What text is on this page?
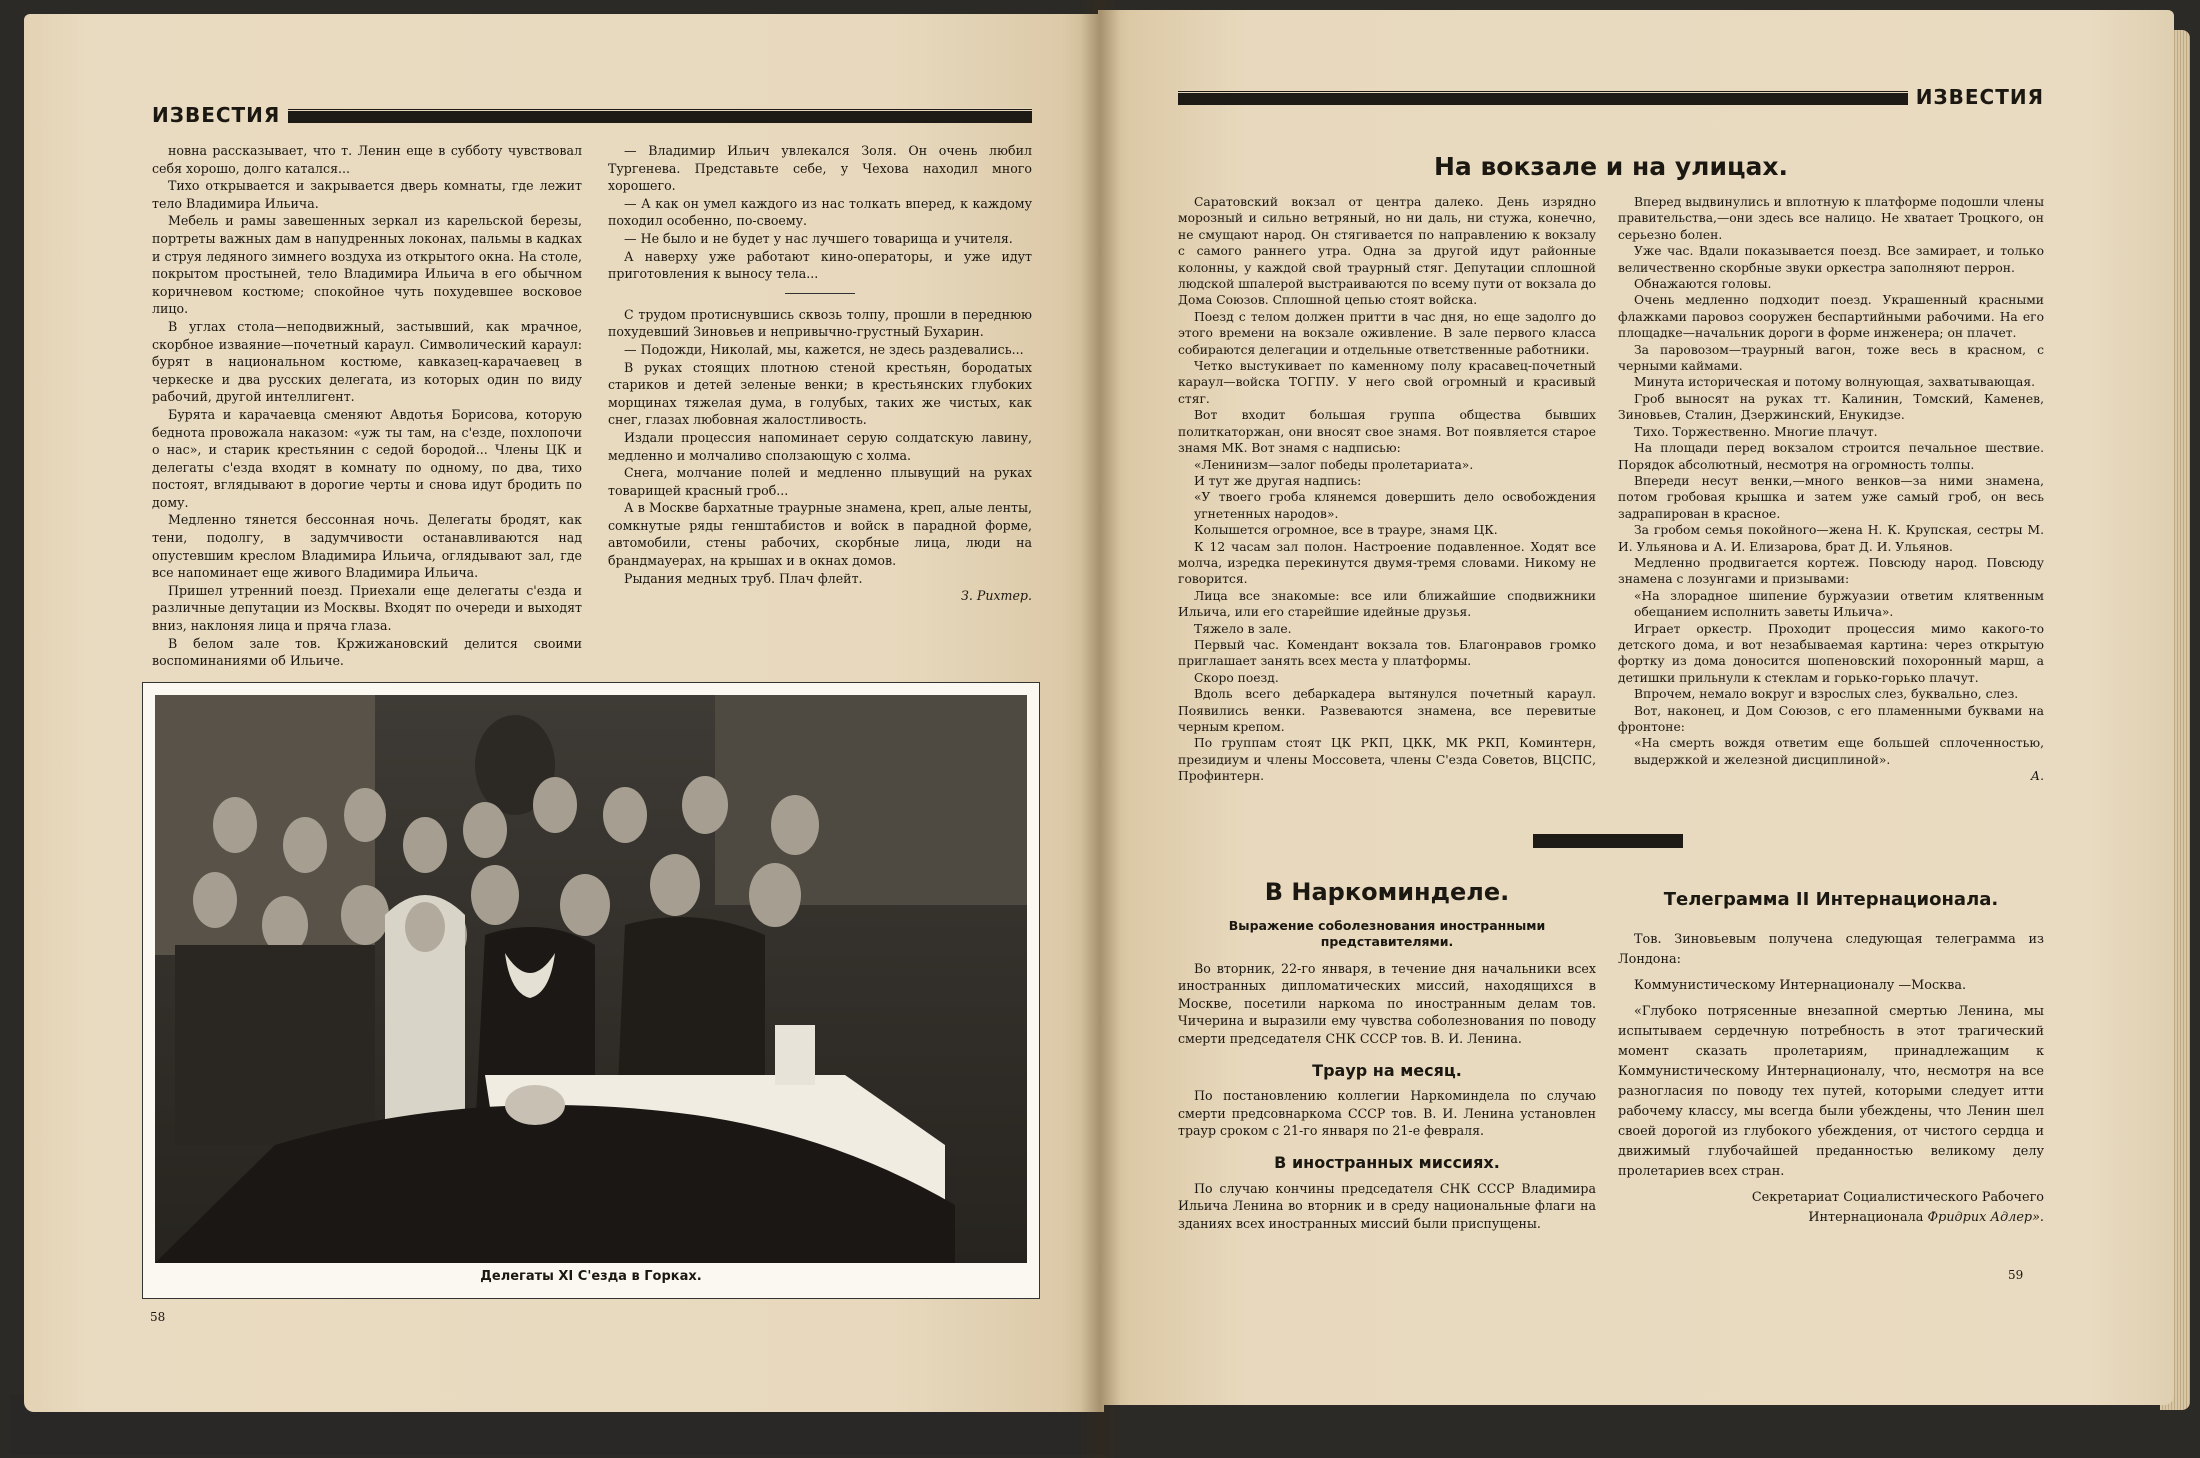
ИЗВЕСТИЯ

новна рассказывает, что т. Ленин еще в субботу чувствовал себя хорошо, долго катался...

Тихо открывается и закрывается дверь комнаты, где лежит тело Владимира Ильича.

Мебель и рамы завешенных зеркал из карельской березы, портреты важных дам в напудренных локонах, пальмы в кадках и струя ледяного зимнего воздуха из открытого окна. На столе, покрытом простыней, тело Владимира Ильича в его обычном коричневом костюме; спокойное чуть похудевшее восковое лицо.

В углах стола—неподвижный, застывший, как мрачное, скорбное изваяние—почетный караул. Символический караул: бурят в национальном костюме, кавказец-карачаевец в черкеске и два русских делегата, из которых один по виду рабочий, другой интеллигент.

Бурята и карачаевца сменяют Авдотья Борисова, которую беднота провожала наказом: «уж ты там, на с'езде, похлопочи о нас», и старик крестьянин с седой бородой... Члены ЦК и делегаты с'езда входят в комнату по одному, по два, тихо постоят, вглядывают в дорогие черты и снова идут бродить по дому.

Медленно тянется бессонная ночь. Делегаты бродят, как тени, подолгу, в задумчивости останавливаются над опустевшим креслом Владимира Ильича, оглядывают зал, где все напоминает еще живого Владимира Ильича.

Пришел утренний поезд. Приехали еще делегаты с'езда и различные депутации из Москвы. Входят по очереди и выходят вниз, наклоняя лица и пряча глаза.

В белом зале тов. Кржижановский делится своими воспоминаниями об Ильиче.

— Владимир Ильич увлекался Золя. Он очень любил Тургенева. Представьте себе, у Чехова находил много хорошего.

— А как он умел каждого из нас толкать вперед, к каждому походил особенно, по-своему.

— Не было и не будет у нас лучшего товарища и учителя.

А наверху уже работают кино-операторы, и уже идут приготовления к выносу тела...

С трудом протиснувшись сквозь толпу, прошли в переднюю похудевший Зиновьев и непривычно-грустный Бухарин.

— Подожди, Николай, мы, кажется, не здесь раздевались...

В руках стоящих плотною стеной крестьян, бородатых стариков и детей зеленые венки; в крестьянских глубоких морщинах тяжелая дума, в голубых, таких же чистых, как снег, глазах любовная жалостливость.

Издали процессия напоминает серую солдатскую лавину, медленно и молчаливо сползающую с холма.

Снега, молчание полей и медленно плывущий на руках товарищей красный гроб...

А в Москве бархатные траурные знамена, креп, алые ленты, сомкнутые ряды генштабистов и войск в парадной форме, автомобили, стены рабочих, скорбные лица, люди на брандмауерах, на крышах и в окнах домов.

Рыдания медных труб. Плач флейт.

З. Рихтер.

Делегаты XI С'езда в Горках.
58
ИЗВЕСТИЯ
На вокзале и на улицах.

Саратовский вокзал от центра далеко. День изрядно морозный и сильно ветряный, но ни даль, ни стужа, конечно, не смущают народ. Он стягивается по направлению к вокзалу с самого раннего утра. Одна за другой идут районные колонны, у каждой свой траурный стяг. Депутации сплошной людской шпалерой выстраиваются по всему пути от вокзала до Дома Союзов. Сплошной цепью стоят войска.

Поезд с телом должен притти в час дня, но еще задолго до этого времени на вокзале оживление. В зале первого класса собираются делегации и отдельные ответственные работники.

Четко выстукивает по каменному полу красавец-почетный караул—войска ТОГПУ. У него свой огромный и красивый стяг.

Вот входит большая группа общества бывших политкаторжан, они вносят свое знамя. Вот появляется старое знамя МК. Вот знамя с надписью:

«Ленинизм—залог победы пролетариата».

И тут же другая надпись:

«У твоего гроба клянемся довершить дело освобождения угнетенных народов».

Колышется огромное, все в трауре, знамя ЦК.

К 12 часам зал полон. Настроение подавленное. Ходят все молча, изредка перекинутся двумя-тремя словами. Никому не говорится.

Лица все знакомые: все или ближайшие сподвижники Ильича, или его старейшие идейные друзья.

Тяжело в зале.

Первый час. Комендант вокзала тов. Благонравов громко приглашает занять всех места у платформы.

Скоро поезд.

Вдоль всего дебаркадера вытянулся почетный караул. Появились венки. Развеваются знамена, все перевитые черным крепом.

По группам стоят ЦК РКП, ЦКК, МК РКП, Коминтерн, президиум и члены Моссовета, члены С'езда Советов, ВЦСПС, Профинтерн.

Вперед выдвинулись и вплотную к платформе подошли члены правительства,—они здесь все налицо. Не хватает Троцкого, он серьезно болен.

Уже час. Вдали показывается поезд. Все замирает, и только величественно скорбные звуки оркестра заполняют перрон.

Обнажаются головы.

Очень медленно подходит поезд. Украшенный красными флажками паровоз сооружен беспартийными рабочими. На его площадке—начальник дороги в форме инженера; он плачет.

За паровозом—траурный вагон, тоже весь в красном, с черными каймами.

Минута историческая и потому волнующая, захватывающая.

Гроб выносят на руках тт. Калинин, Томский, Каменев, Зиновьев, Сталин, Дзержинский, Енукидзе.

Тихо. Торжественно. Многие плачут.

На площади перед вокзалом строится печальное шествие. Порядок абсолютный, несмотря на огромность толпы.

Впереди несут венки,—много венков—за ними знамена, потом гробовая крышка и затем уже самый гроб, он весь задрапирован в красное.

За гробом семья покойного—жена Н. К. Крупская, сестры М. И. Ульянова и А. И. Елизарова, брат Д. И. Ульянов.

Медленно продвигается кортеж. Повсюду народ. Повсюду знамена с лозунгами и призывами:

«На злорадное шипение буржуазии ответим клятвенным обещанием исполнить заветы Ильича».

Играет оркестр. Проходит процессия мимо какого-то детского дома, и вот незабываемая картина: через открытую фортку из дома доносится шопеновский похоронный марш, а детишки прильнули к стеклам и горько-горько плачут.

Впрочем, немало вокруг и взрослых слез, буквально, слез.

Вот, наконец, и Дом Союзов, с его пламенными буквами на фронтоне:

«На смерть вождя ответим еще большей сплоченностью, выдержкой и железной дисциплиной».

А.

В Наркоминделе.
Выражение соболезнования иностранными представителями.

Во вторник, 22-го января, в течение дня начальники всех иностранных дипломатических миссий, находящихся в Москве, посетили наркома по иностранным делам тов. Чичерина и выразили ему чувства соболезнования по поводу смерти председателя СНК СССР тов. В. И. Ленина.

Траур на месяц.

По постановлению коллегии Наркоминдела по случаю смерти предсовнаркома СССР тов. В. И. Ленина установлен траур сроком с 21-го января по 21-е февраля.

В иностранных миссиях.

По случаю кончины председателя СНК СССР Владимира Ильича Ленина во вторник и в среду национальные флаги на зданиях всех иностранных миссий были приспущены.

Телеграмма II Интернационала.

Тов. Зиновьевым получена следующая телеграмма из Лондона:

Коммунистическому Интернационалу —Москва.

«Глубоко потрясенные внезапной смертью Ленина, мы испытываем сердечную потребность в этот трагический момент сказать пролетариям, принадлежащим к Коммунистическому Интернационалу, что, несмотря на все разногласия по поводу тех путей, которыми следует итти рабочему классу, мы всегда были убеждены, что Ленин шел своей дорогой из глубокого убеждения, от чистого сердца и движимый глубочайшей преданностью великому делу пролетариев всех стран.

Секретариат Социалистического Рабочего

Интернационала Фридрих Адлер».

59
